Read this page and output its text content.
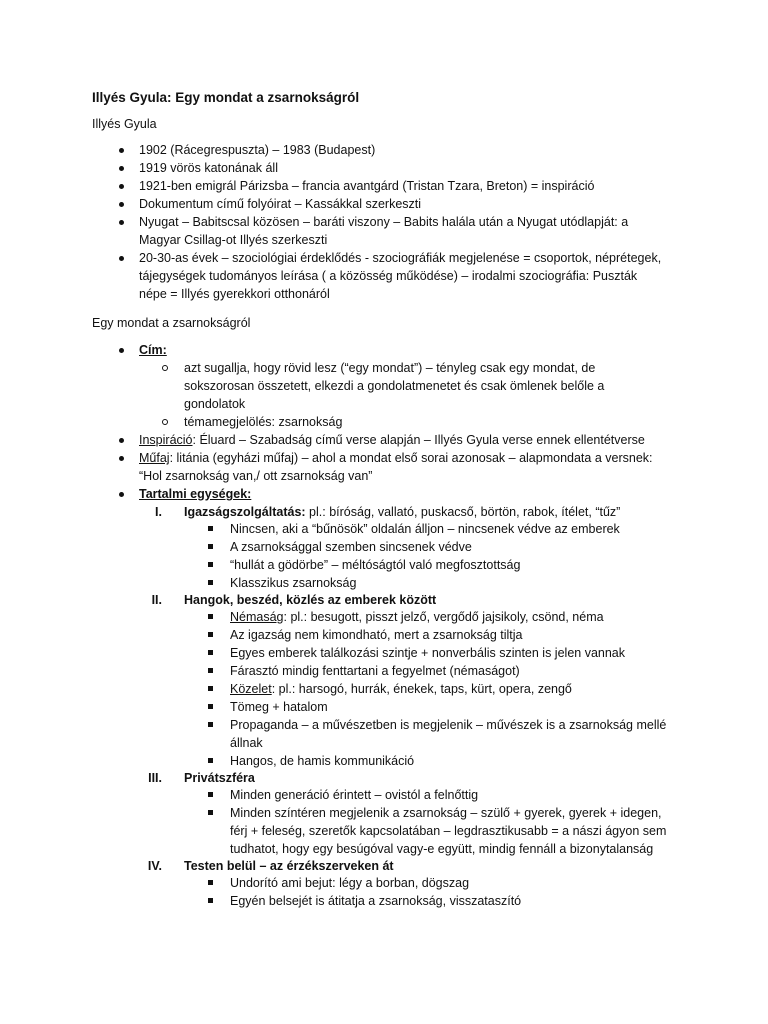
Illyés Gyula: Egy mondat a zsarnokságról
Illyés Gyula
1902 (Rácegrespuszta) – 1983 (Budapest)
1919 vörös katonának áll
1921-ben emigrál Párizsba – francia avantgárd (Tristan Tzara, Breton) = inspiráció
Dokumentum című folyóirat – Kassákkal szerkeszti
Nyugat – Babitscsal közösen – baráti viszony – Babits halála után a Nyugat utódlapját: a
Magyar Csillag-ot Illyés szerkeszti
20-30-as évek – szociológiai érdeklődés - szociográfiák megjelenése = csoportok, néprétegek,
tájegységek tudományos leírása ( a közösség működése) – irodalmi szociográfia: Puszták
népe = Illyés gyerekkori otthonáról
Egy mondat a zsarnokságról
Cím:
azt sugallja, hogy rövid lesz (“egy mondat”) – tényleg csak egy mondat, de
sokszorosan összetett, elkezdi a gondolatmenetet és csak ömlenek belőle a
gondolatok
témamegjelölés: zsarnokság
Inspiráció: Éluard – Szabadság című verse alapján – Illyés Gyula verse ennek ellentétverse
Műfaj: litánia (egyházi műfaj) – ahol a mondat első sorai azonosak – alapmondata a versnek:
“Hol zsarnokság van,/ ott zsarnokság van”
Tartalmi egységek:
I. Igazságszolgáltatás: pl.: bíróság, vallató, puskacső, börtön, rabok, ítélet, “tűz”
Nincsen, aki a “bűnösök” oldalán álljon – nincsenek védve az emberek
A zsarnoksággal szemben sincsenek védve
“hullát a gödörbe” – méltóságtól való megfosztottság
Klasszikus zsarnokság
II. Hangok, beszéd, közlés az emberek között
Némaság: pl.: besugott, pisszt jelző, vergődő jajsikoly, csönd, néma
Az igazság nem kimondható, mert a zsarnokság tiltja
Egyes emberek találkozási szintje + nonverbális szinten is jelen vannak
Fárasztó mindig fenttartani a fegyelmet (némaságot)
Közelet: pl.: harsogó, hurrák, énekek, taps, kürt, opera, zengő
Tömeg + hatalom
Propaganda – a művészetben is megjelenik – művészek is a zsarnokság mellé
állnak
Hangos, de hamis kommunikáció
III. Privátszféra
Minden generáció érintett – ovistól a felnőttig
Minden színtéren megjelenik a zsarnokság – szülő + gyerek, gyerek + idegen,
férj + feleség, szeretők kapcsolatában – legdrasztikusabb = a nászi ágyon sem
tudhatot, hogy egy besúgóval vagy-e együtt, mindig fennáll a bizonytalanság
IV. Testen belül – az érzékszerveken át
Undorító ami bejut: légy a borban, dögszag
Egyén belsejét is átitatja a zsarnokság, visszataszító
